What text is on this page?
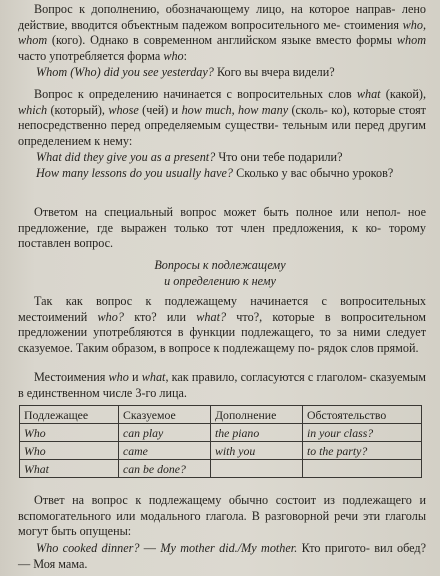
Вопрос к дополнению, обозначающему лицо, на которое направ- лено действие, вводится объектным падежом вопросительного ме- стоимения who, whom (кого). Однако в современном английском языке вместо формы whom часто употребляется форма who:

Whom (Who) did you see yesterday? Кого вы вчера видели?

Вопрос к определению начинается с вопросительных слов what (какой), which (который), whose (чей) и how much, how many (сколь- ко), которые стоят непосредственно перед определяемым существи- тельным или перед другим определением к нему:

What did they give you as a present? Что они тебе подарили?

How many lessons do you usually have? Сколько у вас обычно уроков?

Ответом на специальный вопрос может быть полное или непол- ное предложение, где выражен только тот член предложения, к ко- торому поставлен вопрос.

Вопросы к подлежащему
и определению к нему

Так как вопрос к подлежащему начинается с вопросительных местоимений who? кто? или what? что?, которые в вопросительном предложении употребляются в функции подлежащего, то за ними следует сказуемое. Таким образом, в вопросе к подлежащему по- рядок слов прямой.

Местоимения who и what, как правило, согласуются с глаголом- сказуемым в единственном числе 3-го лица.

Подлежащее	Сказуемое	Дополнение	Обстоятельство
Who	can play	the piano	in your class?
Who	came	with you	to the party?
What	can be done?		

Ответ на вопрос к подлежащему обычно состоит из подлежащего и вспомогательного или модального глагола. В разговорной речи эти глаголы могут быть опущены:

Who cooked dinner? — My mother did./My mother. Кто пригото- вил обед? — Моя мама.
